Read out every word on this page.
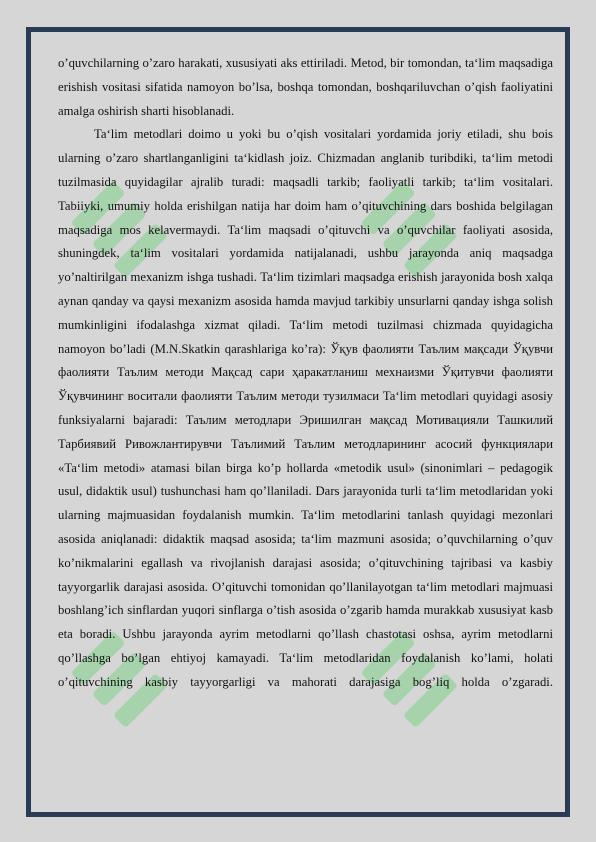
o’quvchilarning o’zaro harakati, xususiyati aks ettiriladi. Metod, bir tomondan, ta‘lim maqsadiga erishish vositasi sifatida namoyon bo’lsa, boshqa tomondan, boshqariluvchan o’qish faoliyatini amalga oshirish sharti hisoblanadi.

Ta‘lim metodlari doimo u yoki bu o’qish vositalari yordamida joriy etiladi, shu bois ularning o’zaro shartlanganligini ta‘kidlash joiz. Chizmadan anglanib turibdiki, ta‘lim metodi tuzilmasida quyidagilar ajralib turadi: maqsadli tarkib; faoliyatli tarkib; ta‘lim vositalari. Tabiiyki, umumiy holda erishilgan natija har doim ham o’qituvchining dars boshida belgilagan maqsadiga mos kelavermaydi. Ta‘lim maqsadi o’qituvchi va o’quvchilar faoliyati asosida, shuningdek, ta‘lim vositalari yordamida natijalanadi, ushbu jarayonda aniq maqsadga yo’naltirilgan mexanizm ishga tushadi. Ta‘lim tizimlari maqsadga erishish jarayonida bosh xalqa aynan qanday va qaysi mexanizm asosida hamda mavjud tarkibiy unsurlarni qanday ishga solish mumkinligini ifodalashga xizmat qiladi. Ta‘lim metodi tuzilmasi chizmada quyidagicha namoyon bo’ladi (M.N.Skatkin qarashlariga ko’ra): Ўқув фаолияти Таълим мақсади Ўқувчи фаолияти Таълим методи Мақсад сари ҳаракатланиш мехнаизми Ўқитувчи фаолияти Ўқувчининг воситали фаолияти Таълим методи тузилмаси Ta‘lim metodlari quyidagi asosiy funksiyalarni bajaradi: Таълим методлари Эришилган мақсад Мотивацияли Ташкилий Тарбиявий Ривожлантирувчи Таълимий Таълим методларининг асосий функциялари «Ta‘lim metodi» atamasi bilan birga ko’p hollarda «metodik usul» (sinonimlari – pedagogik usul, didaktik usul) tushunchasi ham qo’llaniladi. Dars jarayonida turli ta‘lim metodlaridan yoki ularning majmuasidan foydalanish mumkin. Ta‘lim metodlarini tanlash quyidagi mezonlari asosida aniqlanadi: didaktik maqsad asosida; ta‘lim mazmuni asosida; o’quvchilarning o’quv ko’nikmalarini egallash va rivojlanish darajasi asosida; o’qituvchining tajribasi va kasbiy tayyorgarlik darajasi asosida. O’qituvchi tomonidan qo’llanilayotgan ta‘lim metodlari majmuasi boshlang’ich sinflardan yuqori sinflarga o’tish asosida o’zgarib hamda murakkab xususiyat kasb eta boradi. Ushbu jarayonda ayrim metodlarni qo’llash chastotasi oshsa, ayrim metodlarni qo’llashga bo’lgan ehtiyoj kamayadi. Ta‘lim metodlaridan foydalanish ko’lami, holati o’qituvchining kasbiy tayyorgarligi va mahorati darajasiga bog’liq holda o’zgaradi.
